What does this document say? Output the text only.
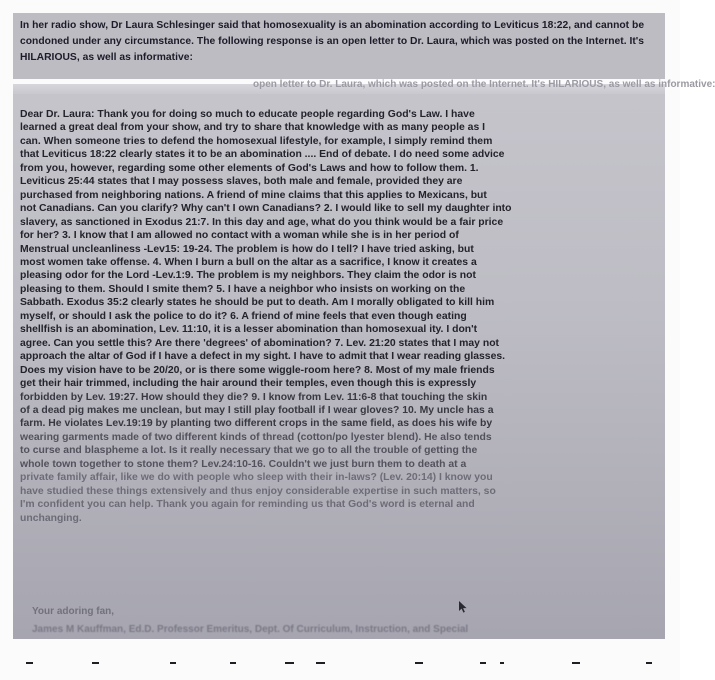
In her radio show, Dr Laura Schlesinger said that homosexuality is an abomination according to Leviticus 18:22, and cannot be condoned under any circumstance. The following response is an open letter to Dr. Laura, which was posted on the Internet. It's HILARIOUS, as well as informative:

open letter to Dr. Laura, which was posted on the Internet. It's HILARIOUS, as well as informative:

Dear Dr. Laura: Thank you for doing so much to educate people regarding God's Law. I have
learned a great deal from your show, and try to share that knowledge with as many people as I
can. When someone tries to defend the homosexual lifestyle, for example, I simply remind them
that Leviticus 18:22 clearly states it to be an abomination .... End of debate. I do need some advice
from you, however, regarding some other elements of God's Laws and how to follow them. 1.
Leviticus 25:44 states that I may possess slaves, both male and female, provided they are
purchased from neighboring nations. A friend of mine claims that this applies to Mexicans, but
not Canadians. Can you clarify? Why can't I own Canadians? 2. I would like to sell my daughter into
slavery, as sanctioned in Exodus 21:7. In this day and age, what do you think would be a fair price
for her? 3. I know that I am allowed no contact with a woman while she is in her period of
Menstrual uncleanliness -Lev15: 19-24. The problem is how do I tell? I have tried asking, but
most women take offense. 4. When I burn a bull on the altar as a sacrifice, I know it creates a
pleasing odor for the Lord -Lev.1:9. The problem is my neighbors. They claim the odor is not
pleasing to them. Should I smite them? 5. I have a neighbor who insists on working on the
Sabbath. Exodus 35:2 clearly states he should be put to death. Am I morally obligated to kill him
myself, or should I ask the police to do it? 6. A friend of mine feels that even though eating
shellfish is an abomination, Lev. 11:10, it is a lesser abomination than homosexual ity. I don't
agree. Can you settle this? Are there 'degrees' of abomination? 7. Lev. 21:20 states that I may not
approach the altar of God if I have a defect in my sight. I have to admit that I wear reading glasses.
Does my vision have to be 20/20, or is there some wiggle-room here? 8. Most of my male friends
get their hair trimmed, including the hair around their temples, even though this is expressly
forbidden by Lev. 19:27. How should they die? 9. I know from Lev. 11:6-8 that touching the skin
of a dead pig makes me unclean, but may I still play football if I wear gloves? 10. My uncle has a
farm. He violates Lev.19:19 by planting two different crops in the same field, as does his wife by
wearing garments made of two different kinds of thread (cotton/po lyester blend). He also tends
to curse and blaspheme a lot. Is it really necessary that we go to all the trouble of getting the
whole town together to stone them? Lev.24:10-16. Couldn't we just burn them to death at a
private family affair, like we do with people who sleep with their in-laws? (Lev. 20:14) I know you
have studied these things extensively and thus enjoy considerable expertise in such matters, so
I'm confident you can help. Thank you again for reminding us that God's word is eternal and
unchanging.
Your adoring fan,
James M Kauffman, Ed.D. Professor Emeritus, Dept. Of Curriculum, Instruction, and Special
